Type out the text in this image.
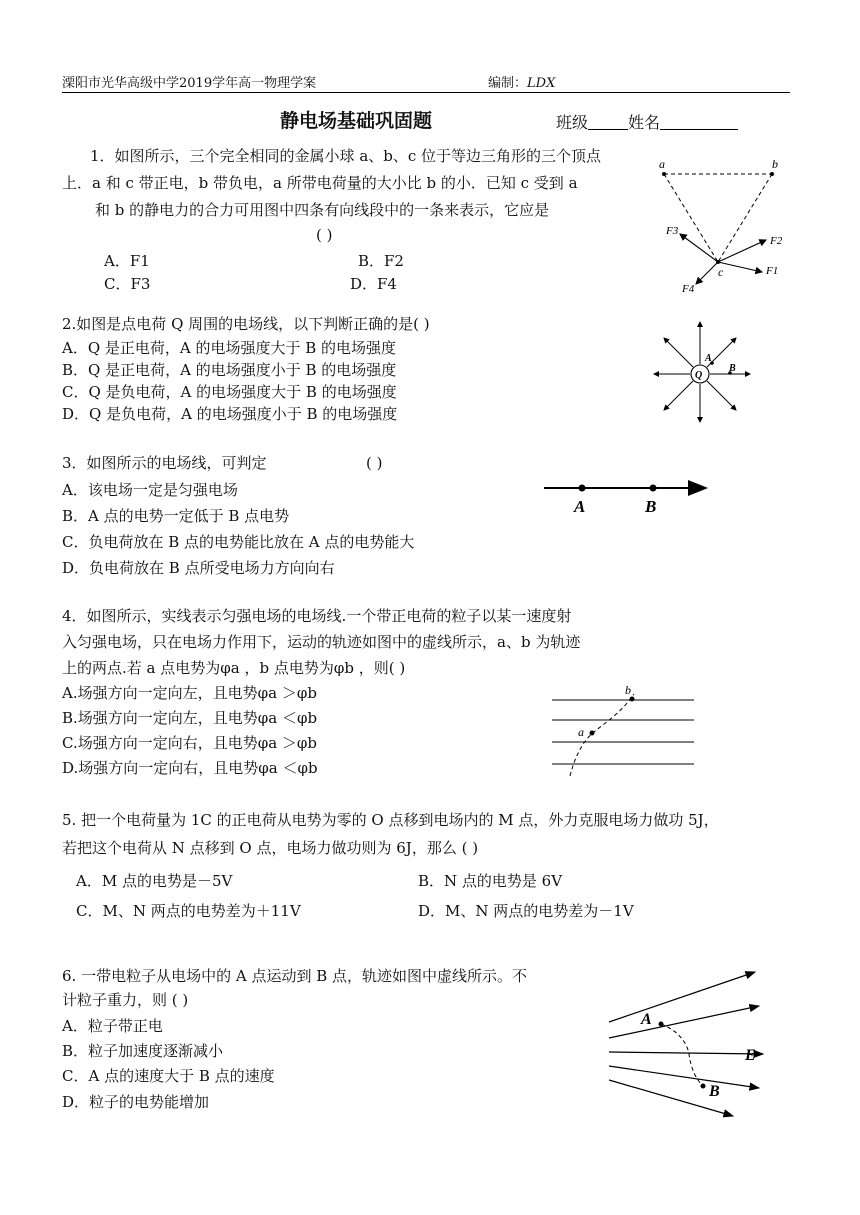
溧阳市光华高级中学2019学年高一物理学案	编制：LDX
静电场基础巩固题	班级	姓名
1．如图所示，三个完全相同的金属小球 a、b、c 位于等边三角形的三个顶点
上．a 和 c 带正电，b 带负电，a 所带电荷量的大小比 b 的小．已知 c 受到 a
和 b 的静电力的合力可用图中四条有向线段中的一条来表示，它应是
( )
A．F1	B．F2
C．F3	D．F4
a	b
c	F1
F2
F3
F4
2.如图是点电荷 Q 周围的电场线，以下判断正确的是( )
A．Q 是正电荷，A 的电场强度大于 B 的电场强度
B．Q 是正电荷，A 的电场强度小于 B 的电场强度
C．Q 是负电荷，A 的电场强度大于 B 的电场强度
D．Q 是负电荷，A 的电场强度小于 B 的电场强度
Q
A
B
3．如图所示的电场线，可判定	( )
A．该电场一定是匀强电场
B．A 点的电势一定低于 B 点电势
C．负电荷放在 B 点的电势能比放在 A 点的电势能大
D．负电荷放在 B 点所受电场力方向向右
A	B
4．如图所示，实线表示匀强电场的电场线.一个带正电荷的粒子以某一速度射
入匀强电场，只在电场力作用下，运动的轨迹如图中的虚线所示，a、b 为轨迹
上的两点.若 a 点电势为φa ，b 点电势为φb ，则( )
A.场强方向一定向左，且电势φa ＞φb
B.场强方向一定向左，且电势φa ＜φb
C.场强方向一定向右，且电势φa ＞φb
D.场强方向一定向右，且电势φa ＜φb
a
b
5. 把一个电荷量为 1C 的正电荷从电势为零的 O 点移到电场内的 M 点，外力克服电场力做功 5J，
若把这个电荷从 N 点移到 O 点，电场力做功则为 6J，那么 ( )
A．M 点的电势是－5V	B．N 点的电势是 6V
C．M、N 两点的电势差为＋11V	D．M、N 两点的电势差为－1V
6. 一带电粒子从电场中的 A 点运动到 B 点，轨迹如图中虚线所示。不
计粒子重力，则 ( )
A．粒子带正电
B．粒子加速度逐渐减小
C．A 点的速度大于 B 点的速度
D．粒子的电势能增加
A
B
E
